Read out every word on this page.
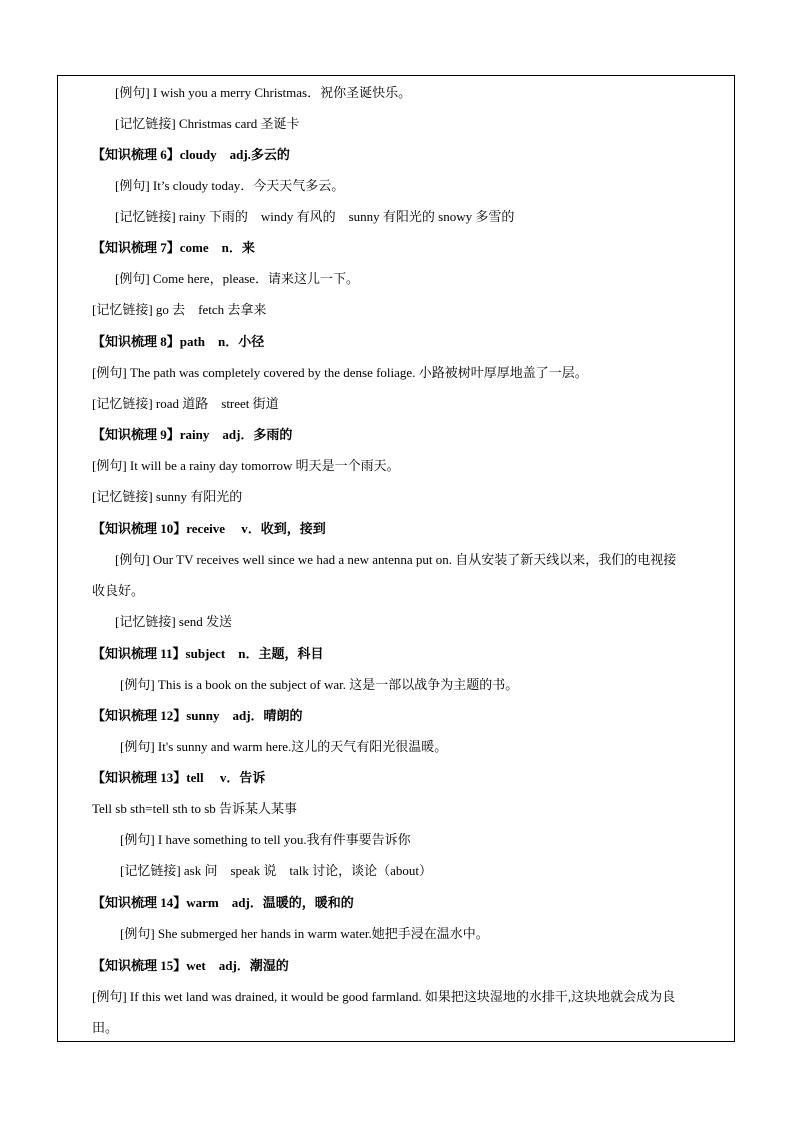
[例句] I wish you a merry Christmas．祝你圣诞快乐。
[记忆链接] Christmas card 圣诞卡
【知识梳理 6】cloudy　adj.多云的
[例句] It’s cloudy today．今天天气多云。
[记忆链接] rainy 下雨的　windy 有风的　sunny 有阳光的 snowy 多雪的
【知识梳理 7】come　n．来
[例句] Come here，please．请来这儿一下。
[记忆链接] go 去　fetch 去拿来
【知识梳理 8】path　n．小径
[例句] The path was completely covered by the dense foliage. 小路被树叶厚厚地盖了一层。
[记忆链接] road 道路　street 街道
【知识梳理 9】rainy　adj．多雨的
[例句] It will be a rainy day tomorrow 明天是一个雨天。
[记忆链接] sunny 有阳光的
【知识梳理 10】receive　 v．收到，接到
[例句] Our TV receives well since we had a new antenna put on. 自从安装了新天线以来，我们的电视接
收良好。
[记忆链接] send 发送
【知识梳理 11】subject　n．主题，科目
[例句] This is a book on the subject of war. 这是一部以战争为主题的书。
【知识梳理 12】sunny　adj．晴朗的
[例句] It's sunny and warm here.这儿的天气有阳光很温暖。
【知识梳理 13】tell　 v．告诉
Tell sb sth=tell sth to sb 告诉某人某事
[例句] I have something to tell you.我有件事要告诉你
[记忆链接] ask 问　speak 说　talk 讨论，谈论（about）
【知识梳理 14】warm　adj．温暖的，暖和的
[例句] She submerged her hands in warm water.她把手浸在温水中。
【知识梳理 15】wet　adj．潮湿的
[例句] If this wet land was drained, it would be good farmland. 如果把这块湿地的水排干,这块地就会成为良
田。
